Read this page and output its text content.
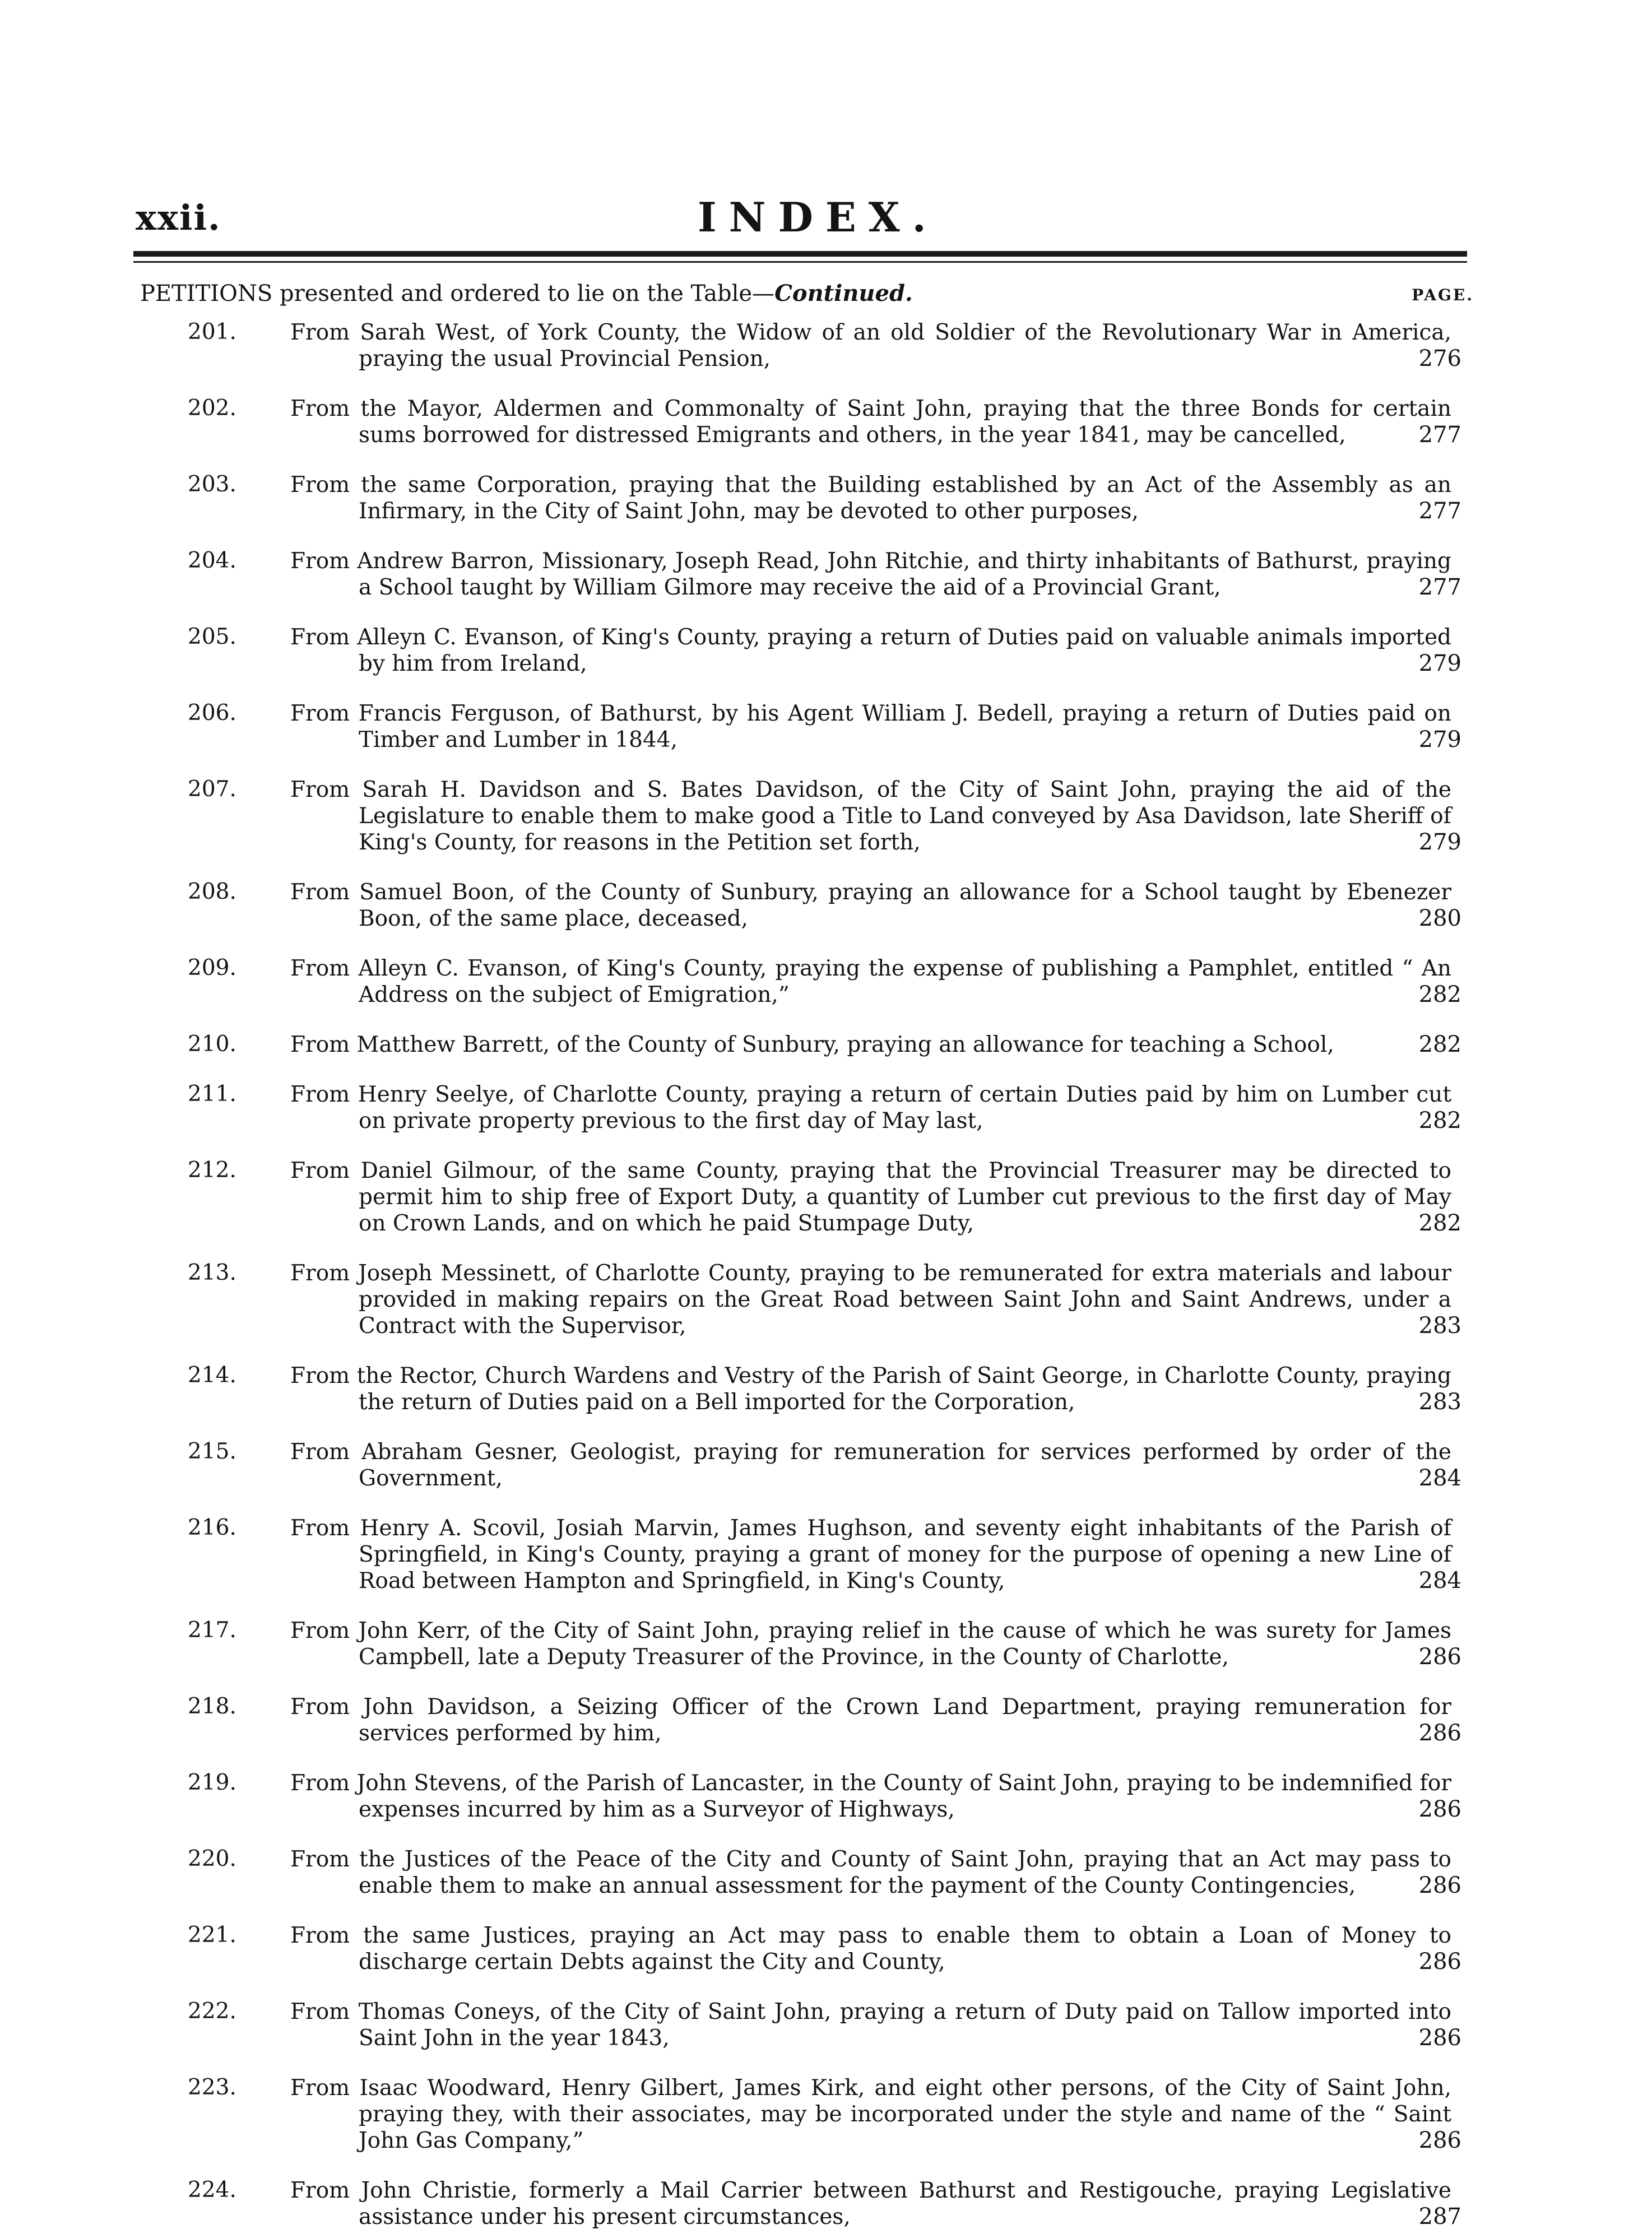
xxii.	INDEX.
PETITIONS presented and ordered to lie on the Table—Continued.	PAGE.
201. From Sarah West, of York County, the Widow of an old Soldier of the Revolutionary War in America, praying the usual Provincial Pension,	276
202. From the Mayor, Aldermen and Commonalty of Saint John, praying that the three Bonds for certain sums borrowed for distressed Emigrants and others, in the year 1841, may be cancelled,	277
203. From the same Corporation, praying that the Building established by an Act of the Assembly as an Infirmary, in the City of Saint John, may be devoted to other purposes,	277
204. From Andrew Barron, Missionary, Joseph Read, John Ritchie, and thirty inhabitants of Bathurst, praying a School taught by William Gilmore may receive the aid of a Provincial Grant,	277
205. From Alleyn C. Evanson, of King's County, praying a return of Duties paid on valuable animals imported by him from Ireland,	279
206. From Francis Ferguson, of Bathurst, by his Agent William J. Bedell, praying a return of Duties paid on Timber and Lumber in 1844,	279
207. From Sarah H. Davidson and S. Bates Davidson, of the City of Saint John, praying the aid of the Legislature to enable them to make good a Title to Land conveyed by Asa Davidson, late Sheriff of King's County, for reasons in the Petition set forth,	279
208. From Samuel Boon, of the County of Sunbury, praying an allowance for a School taught by Ebenezer Boon, of the same place, deceased,	280
209. From Alleyn C. Evanson, of King's County, praying the expense of publishing a Pamphlet, entitled “ An Address on the subject of Emigration,”	282
210. From Matthew Barrett, of the County of Sunbury, praying an allowance for teaching a School,	282
211. From Henry Seelye, of Charlotte County, praying a return of certain Duties paid by him on Lumber cut on private property previous to the first day of May last,	282
212. From Daniel Gilmour, of the same County, praying that the Provincial Treasurer may be directed to permit him to ship free of Export Duty, a quantity of Lumber cut previous to the first day of May on Crown Lands, and on which he paid Stumpage Duty,	282
213. From Joseph Messinett, of Charlotte County, praying to be remunerated for extra materials and labour provided in making repairs on the Great Road between Saint John and Saint Andrews, under a Contract with the Supervisor,	283
214. From the Rector, Church Wardens and Vestry of the Parish of Saint George, in Charlotte County, praying the return of Duties paid on a Bell imported for the Corporation,	283
215. From Abraham Gesner, Geologist, praying for remuneration for services performed by order of the Government,	284
216. From Henry A. Scovil, Josiah Marvin, James Hughson, and seventy eight inhabitants of the Parish of Springfield, in King's County, praying a grant of money for the purpose of opening a new Line of Road between Hampton and Springfield, in King's County,	284
217. From John Kerr, of the City of Saint John, praying relief in the cause of which he was surety for James Campbell, late a Deputy Treasurer of the Province, in the County of Charlotte,	286
218. From John Davidson, a Seizing Officer of the Crown Land Department, praying remuneration for services performed by him,	286
219. From John Stevens, of the Parish of Lancaster, in the County of Saint John, praying to be indemnified for expenses incurred by him as a Surveyor of Highways,	286
220. From the Justices of the Peace of the City and County of Saint John, praying that an Act may pass to enable them to make an annual assessment for the payment of the County Contingencies,	286
221. From the same Justices, praying an Act may pass to enable them to obtain a Loan of Money to discharge certain Debts against the City and County,	286
222. From Thomas Coneys, of the City of Saint John, praying a return of Duty paid on Tallow imported into Saint John in the year 1843,	286
223. From Isaac Woodward, Henry Gilbert, James Kirk, and eight other persons, of the City of Saint John, praying they, with their associates, may be incorporated under the style and name of the “ Saint John Gas Company,”	286
224. From John Christie, formerly a Mail Carrier between Bathurst and Restigouche, praying Legislative assistance under his present circumstances,	287
